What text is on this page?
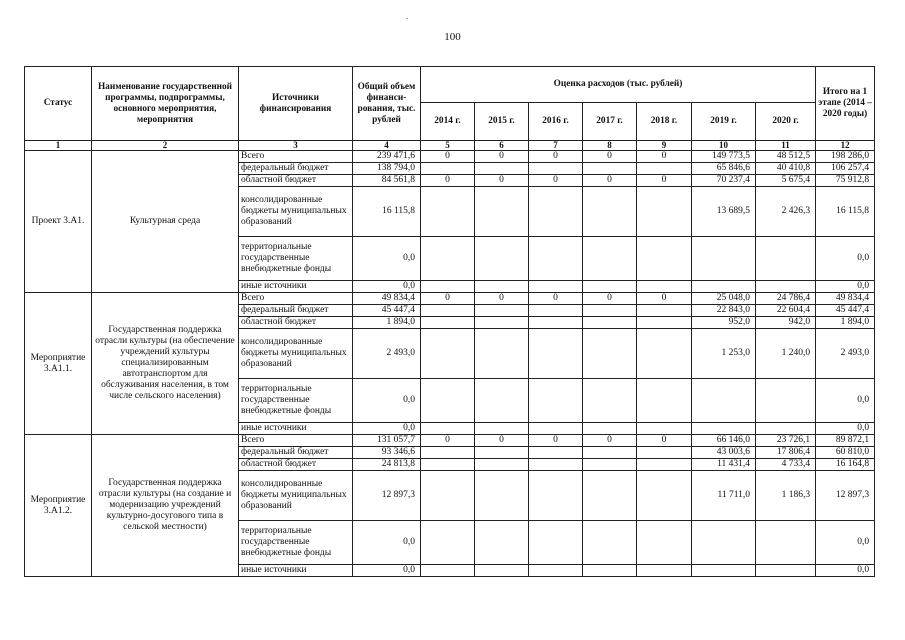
-
100
Статус	Наименование государственной программы, подпрограммы, основного мероприятия, мероприятия	Источники финансирования	Общий объем финанси-рования, тыс. рублей	Оценка расходов (тыс. рублей)							Итого на 1 этапе (2014 – 2020 годы)
				2014 г.	2015 г.	2016 г.	2017 г.	2018 г.	2019 г.	2020 г.	
1	2	3	4	5	6	7	8	9	10	11	12
Проект 3.А1.	Культурная среда	Всего	239 471,6	0	0	0	0	0	149 773,5	48 512,5	198 286,0
		федеральный бюджет	138 794,0						65 846,6	40 410,8	106 257,4
		областной бюджет	84 561,8	0	0	0	0	0	70 237,4	5 675,4	75 912,8
		консолидированные бюджеты муниципальных образований	16 115,8						13 689,5	2 426,3	16 115,8
		территориальные государственные внебюджетные фонды	0,0								0,0
		иные источники	0,0								0,0
Мероприятие 3.А1.1.	Государственная поддержка отрасли культуры (на обеспечение учреждений культуры специализированным автотранспортом для обслуживания населения, в том числе сельского населения)	Всего	49 834,4	0	0	0	0	0	25 048,0	24 786,4	49 834,4
		федеральный бюджет	45 447,4						22 843,0	22 604,4	45 447,4
		областной бюджет	1 894,0						952,0	942,0	1 894,0
		консолидированные бюджеты муниципальных образований	2 493,0						1 253,0	1 240,0	2 493,0
		территориальные государственные внебюджетные фонды	0,0								0,0
		иные источники	0,0								0,0
Мероприятие 3.А1.2.	Государственная поддержка отрасли культуры (на создание и модернизацию учреждений культурно-досугового типа в сельской местности)	Всего	131 057,7	0	0	0	0	0	66 146,0	23 726,1	89 872,1
		федеральный бюджет	93 346,6						43 003,6	17 806,4	60 810,0
		областной бюджет	24 813,8						11 431,4	4 733,4	16 164,8
		консолидированные бюджеты муниципальных образований	12 897,3						11 711,0	1 186,3	12 897,3
		территориальные государственные внебюджетные фонды	0,0								0,0
		иные источники	0,0								0,0
